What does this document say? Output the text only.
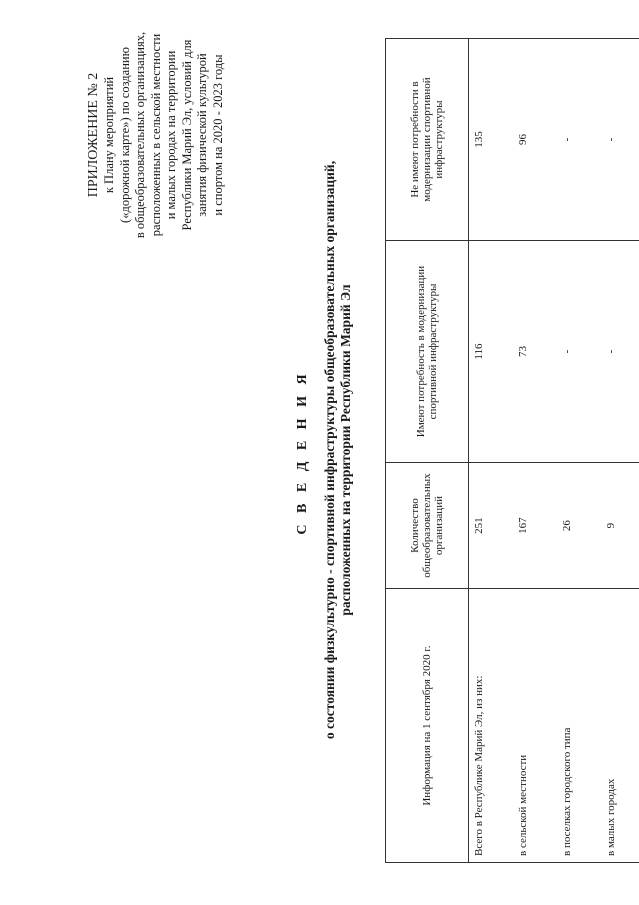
ПРИЛОЖЕНИЕ № 2 к Плану мероприятий («дорожной карте») по созданию в общеобразовательных организациях, расположенных в сельской местности и малых городах на территории Республики Марий Эл, условий для занятия физической культурой и спортом на 2020 - 2023 годы
С В Е Д Е Н И Я о состоянии физкультурно - спортивной инфраструктуры общеобразовательных организаций, расположенных на территории Республики Марий Эл
Информация на 1 сентября 2020 г.	Количество общеобразовательных организаций	Имеют потребность в модернизации спортивной инфраструктуры	Не имеют потребности в модернизации спортивной инфраструктуры
Всего в Республике Марий Эл, из них:	251	116	135
в сельской местности	167	73	96
в поселках городского типа	26	-	-
в малых городах	9	-	-
